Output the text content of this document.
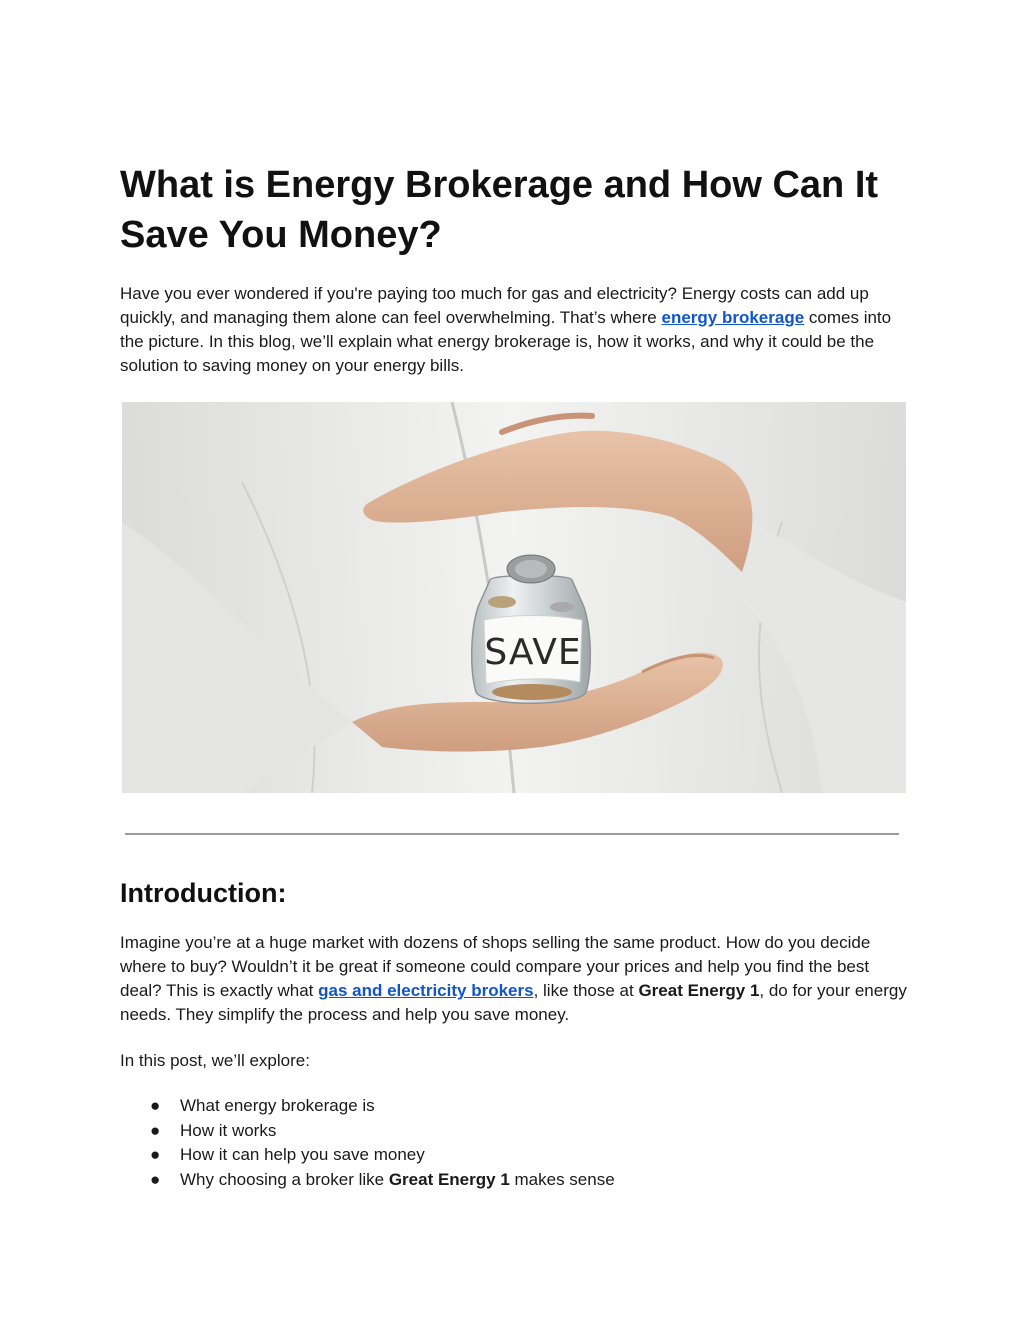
What is Energy Brokerage and How Can It Save You Money?

Have you ever wondered if you're paying too much for gas and electricity? Energy costs can add up quickly, and managing them alone can feel overwhelming. That’s where energy brokerage comes into the picture. In this blog, we’ll explain what energy brokerage is, how it works, and why it could be the solution to saving money on your energy bills.

SAVE
Introduction:

Imagine you’re at a huge market with dozens of shops selling the same product. How do you decide where to buy? Wouldn’t it be great if someone could compare your prices and help you find the best deal? This is exactly what gas and electricity brokers, like those at Great Energy 1, do for your energy needs. They simplify the process and help you save money.

In this post, we’ll explore:

● What energy brokerage is
● How it works
● How it can help you save money
● Why choosing a broker like Great Energy 1 makes sense
